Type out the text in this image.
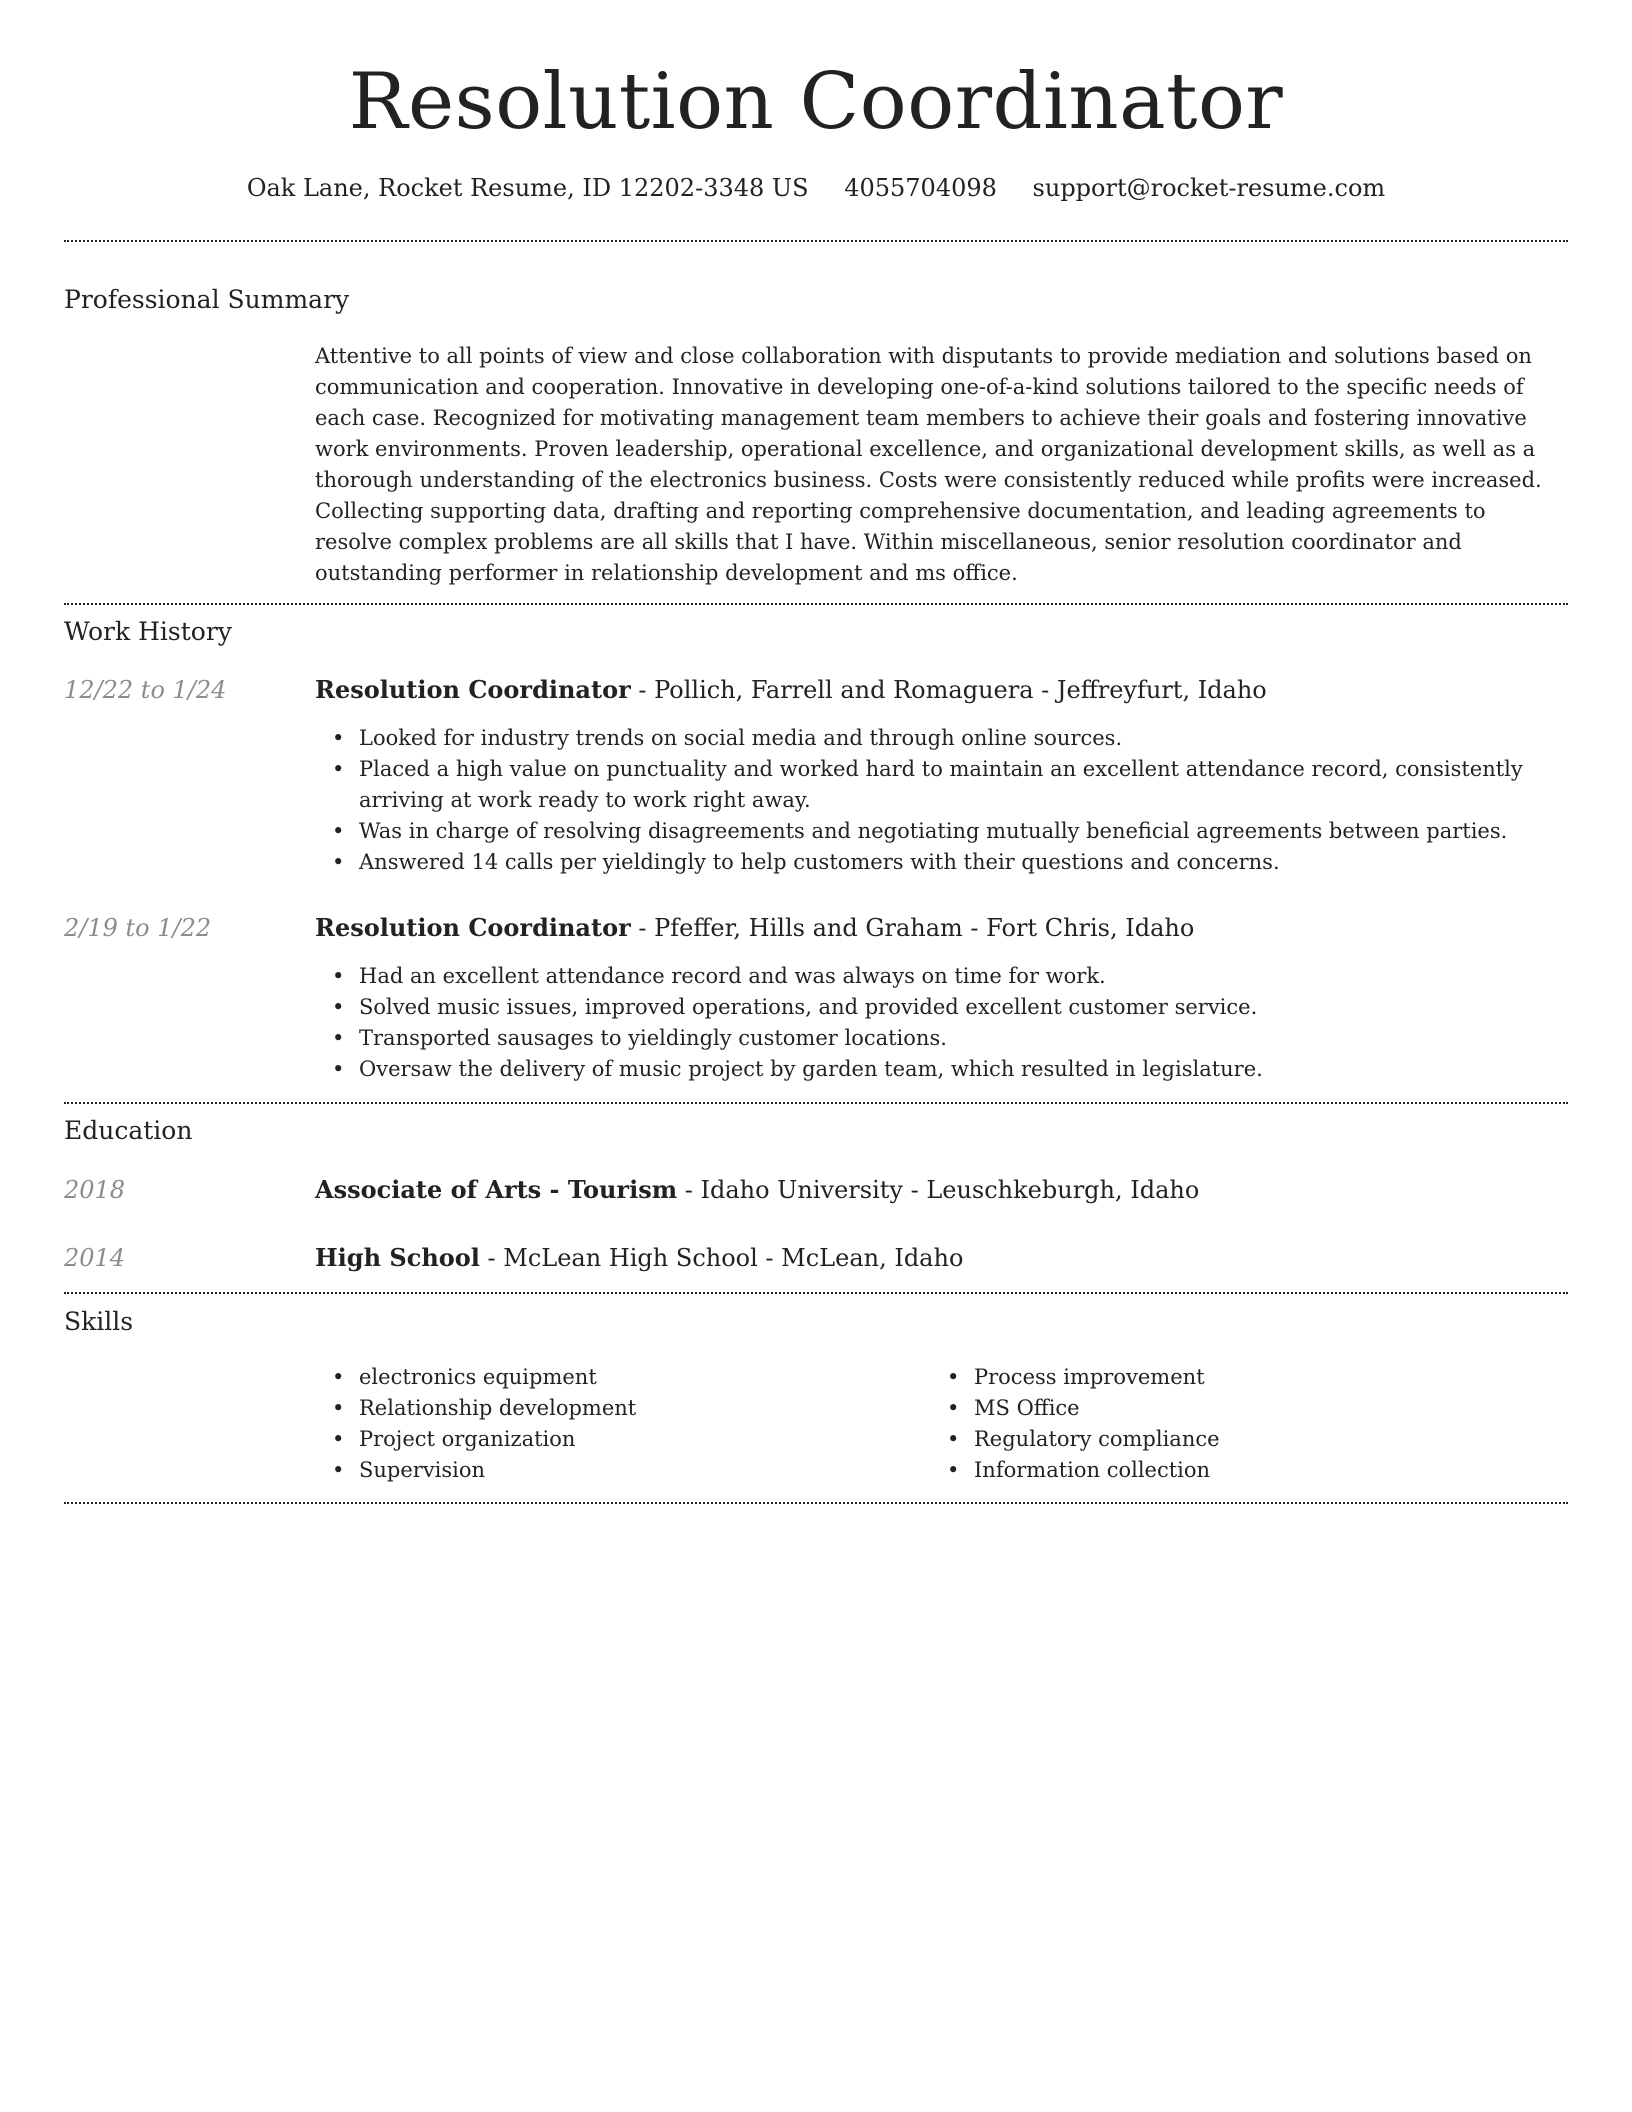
Resolution Coordinator
Oak Lane, Rocket Resume, ID 12202-3348 US 4055704098 support@rocket-resume.com
Professional Summary

Attentive to all points of view and close collaboration with disputants to provide mediation and solutions based on communication and cooperation. Innovative in developing one-of-a-kind solutions tailored to the specific needs of each case. Recognized for motivating management team members to achieve their goals and fostering innovative work environments. Proven leadership, operational excellence, and organizational development skills, as well as a thorough understanding of the electronics business. Costs were consistently reduced while profits were increased. Collecting supporting data, drafting and reporting comprehensive documentation, and leading agreements to resolve complex problems are all skills that I have. Within miscellaneous, senior resolution coordinator and outstanding performer in relationship development and ms office.

Work History
12/22 to 1/24	Resolution Coordinator - Pollich, Farrell and Romaguera - Jeffreyfurt, Idaho
• Looked for industry trends on social media and through online sources.
• Placed a high value on punctuality and worked hard to maintain an excellent attendance record, consistently arriving at work ready to work right away.
• Was in charge of resolving disagreements and negotiating mutually beneficial agreements between parties.
• Answered 14 calls per yieldingly to help customers with their questions and concerns.
2/19 to 1/22	Resolution Coordinator - Pfeffer, Hills and Graham - Fort Chris, Idaho
• Had an excellent attendance record and was always on time for work.
• Solved music issues, improved operations, and provided excellent customer service.
• Transported sausages to yieldingly customer locations.
• Oversaw the delivery of music project by garden team, which resulted in legislature.
Education
2018	Associate of Arts - Tourism - Idaho University - Leuschkeburgh, Idaho
2014	High School - McLean High School - McLean, Idaho
Skills
• electronics equipment
• Relationship development
• Project organization
• Supervision
• Process improvement
• MS Office
• Regulatory compliance
• Information collection
